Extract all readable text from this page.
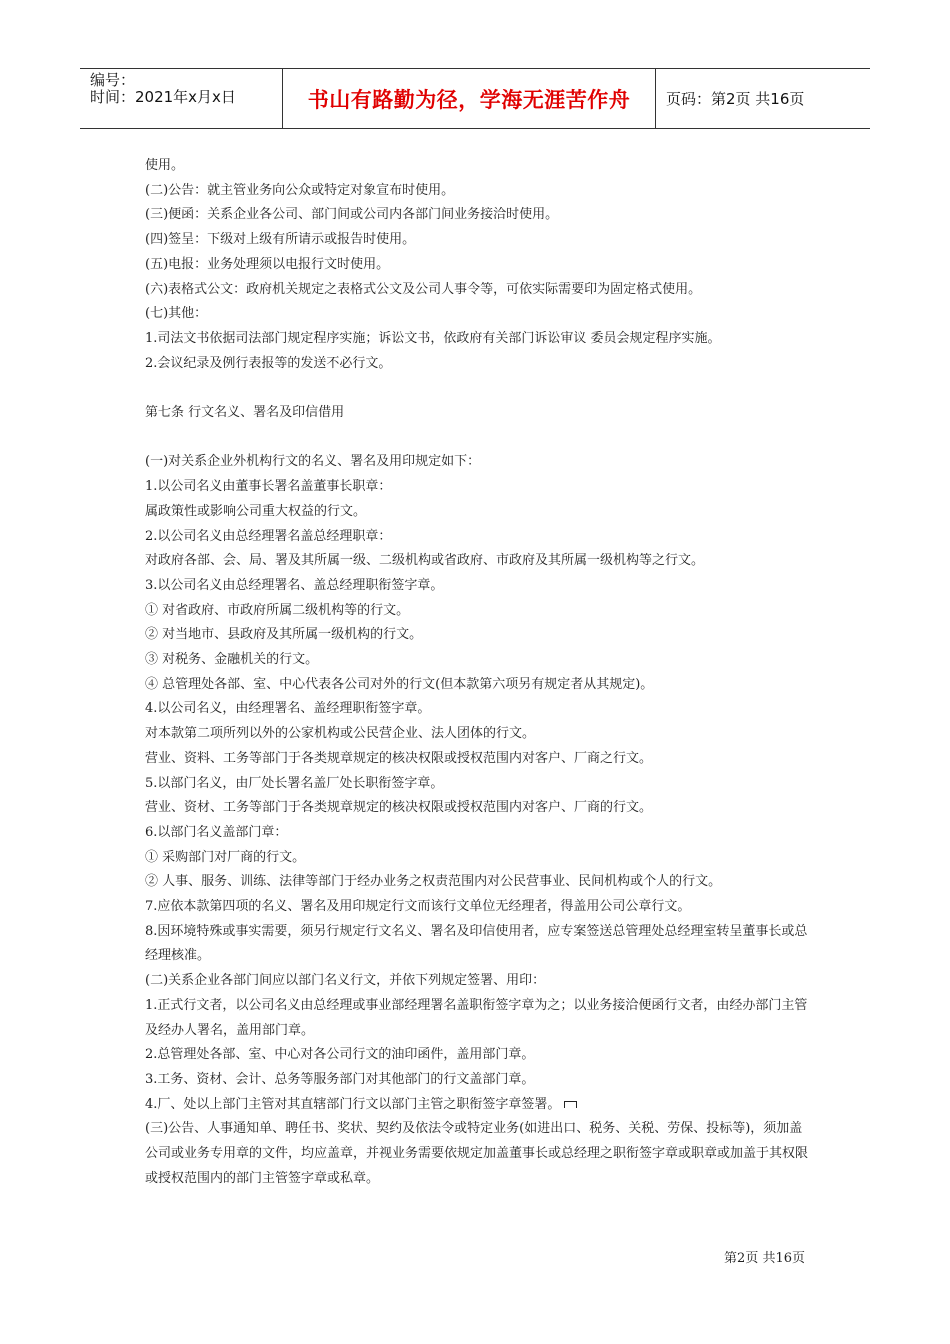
编号：
时间：2021年x月x日	书山有路勤为径，学海无涯苦作舟	页码：第2页 共16页

使用。

(二)公告：就主管业务向公众或特定对象宣布时使用。

(三)便函：关系企业各公司、部门间或公司内各部门间业务接洽时使用。

(四)签呈：下级对上级有所请示或报告时使用。

(五)电报：业务处理须以电报行文时使用。

(六)表格式公文：政府机关规定之表格式公文及公司人事令等，可依实际需要印为固定格式使用。

(七)其他：

1.司法文书依据司法部门规定程序实施；诉讼文书，依政府有关部门诉讼审议 委员会规定程序实施。

2.会议纪录及例行表报等的发送不必行文。

第七条 行文名义、署名及印信借用

(一)对关系企业外机构行文的名义、署名及用印规定如下：

1.以公司名义由董事长署名盖董事长职章：

属政策性或影响公司重大权益的行文。

2.以公司名义由总经理署名盖总经理职章：

对政府各部、会、局、署及其所属一级、二级机构或省政府、市政府及其所属一级机构等之行文。

3.以公司名义由总经理署名、盖总经理职衔签字章。

① 对省政府、市政府所属二级机构等的行文。

② 对当地市、县政府及其所属一级机构的行文。

③ 对税务、金融机关的行文。

④ 总管理处各部、室、中心代表各公司对外的行文(但本款第六项另有规定者从其规定)。

4.以公司名义，由经理署名、盖经理职衔签字章。

对本款第二项所列以外的公家机构或公民营企业、法人团体的行文。

营业、资料、工务等部门于各类规章规定的核决权限或授权范围内对客户、厂商之行文。

5.以部门名义，由厂处长署名盖厂处长职衔签字章。

营业、资材、工务等部门于各类规章规定的核决权限或授权范围内对客户、厂商的行文。

6.以部门名义盖部门章：

① 采购部门对厂商的行文。

② 人事、服务、训练、法律等部门于经办业务之权责范围内对公民营事业、民间机构或个人的行文。

7.应依本款第四项的名义、署名及用印规定行文而该行文单位无经理者，得盖用公司公章行文。

8.因环境特殊或事实需要，须另行规定行文名义、署名及印信使用者，应专案签送总管理处总经理室转呈董事长或总经理核准。

(二)关系企业各部门间应以部门名义行文，并依下列规定签署、用印：

1.正式行文者，以公司名义由总经理或事业部经理署名盖职衔签字章为之；以业务接洽便函行文者，由经办部门主管及经办人署名，盖用部门章。

2.总管理处各部、室、中心对各公司行文的油印函件，盖用部门章。

3.工务、资材、会计、总务等服务部门对其他部门的行文盖部门章。

4.厂、处以上部门主管对其直辖部门行文以部门主管之职衔签字章签署。

(三)公告、人事通知单、聘任书、奖状、契约及依法令或特定业务(如进出口、税务、关税、劳保、投标等)，须加盖公司或业务专用章的文件，均应盖章，并视业务需要依规定加盖董事长或总经理之职衔签字章或职章或加盖于其权限或授权范围内的部门主管签字章或私章。

第2页 共16页
